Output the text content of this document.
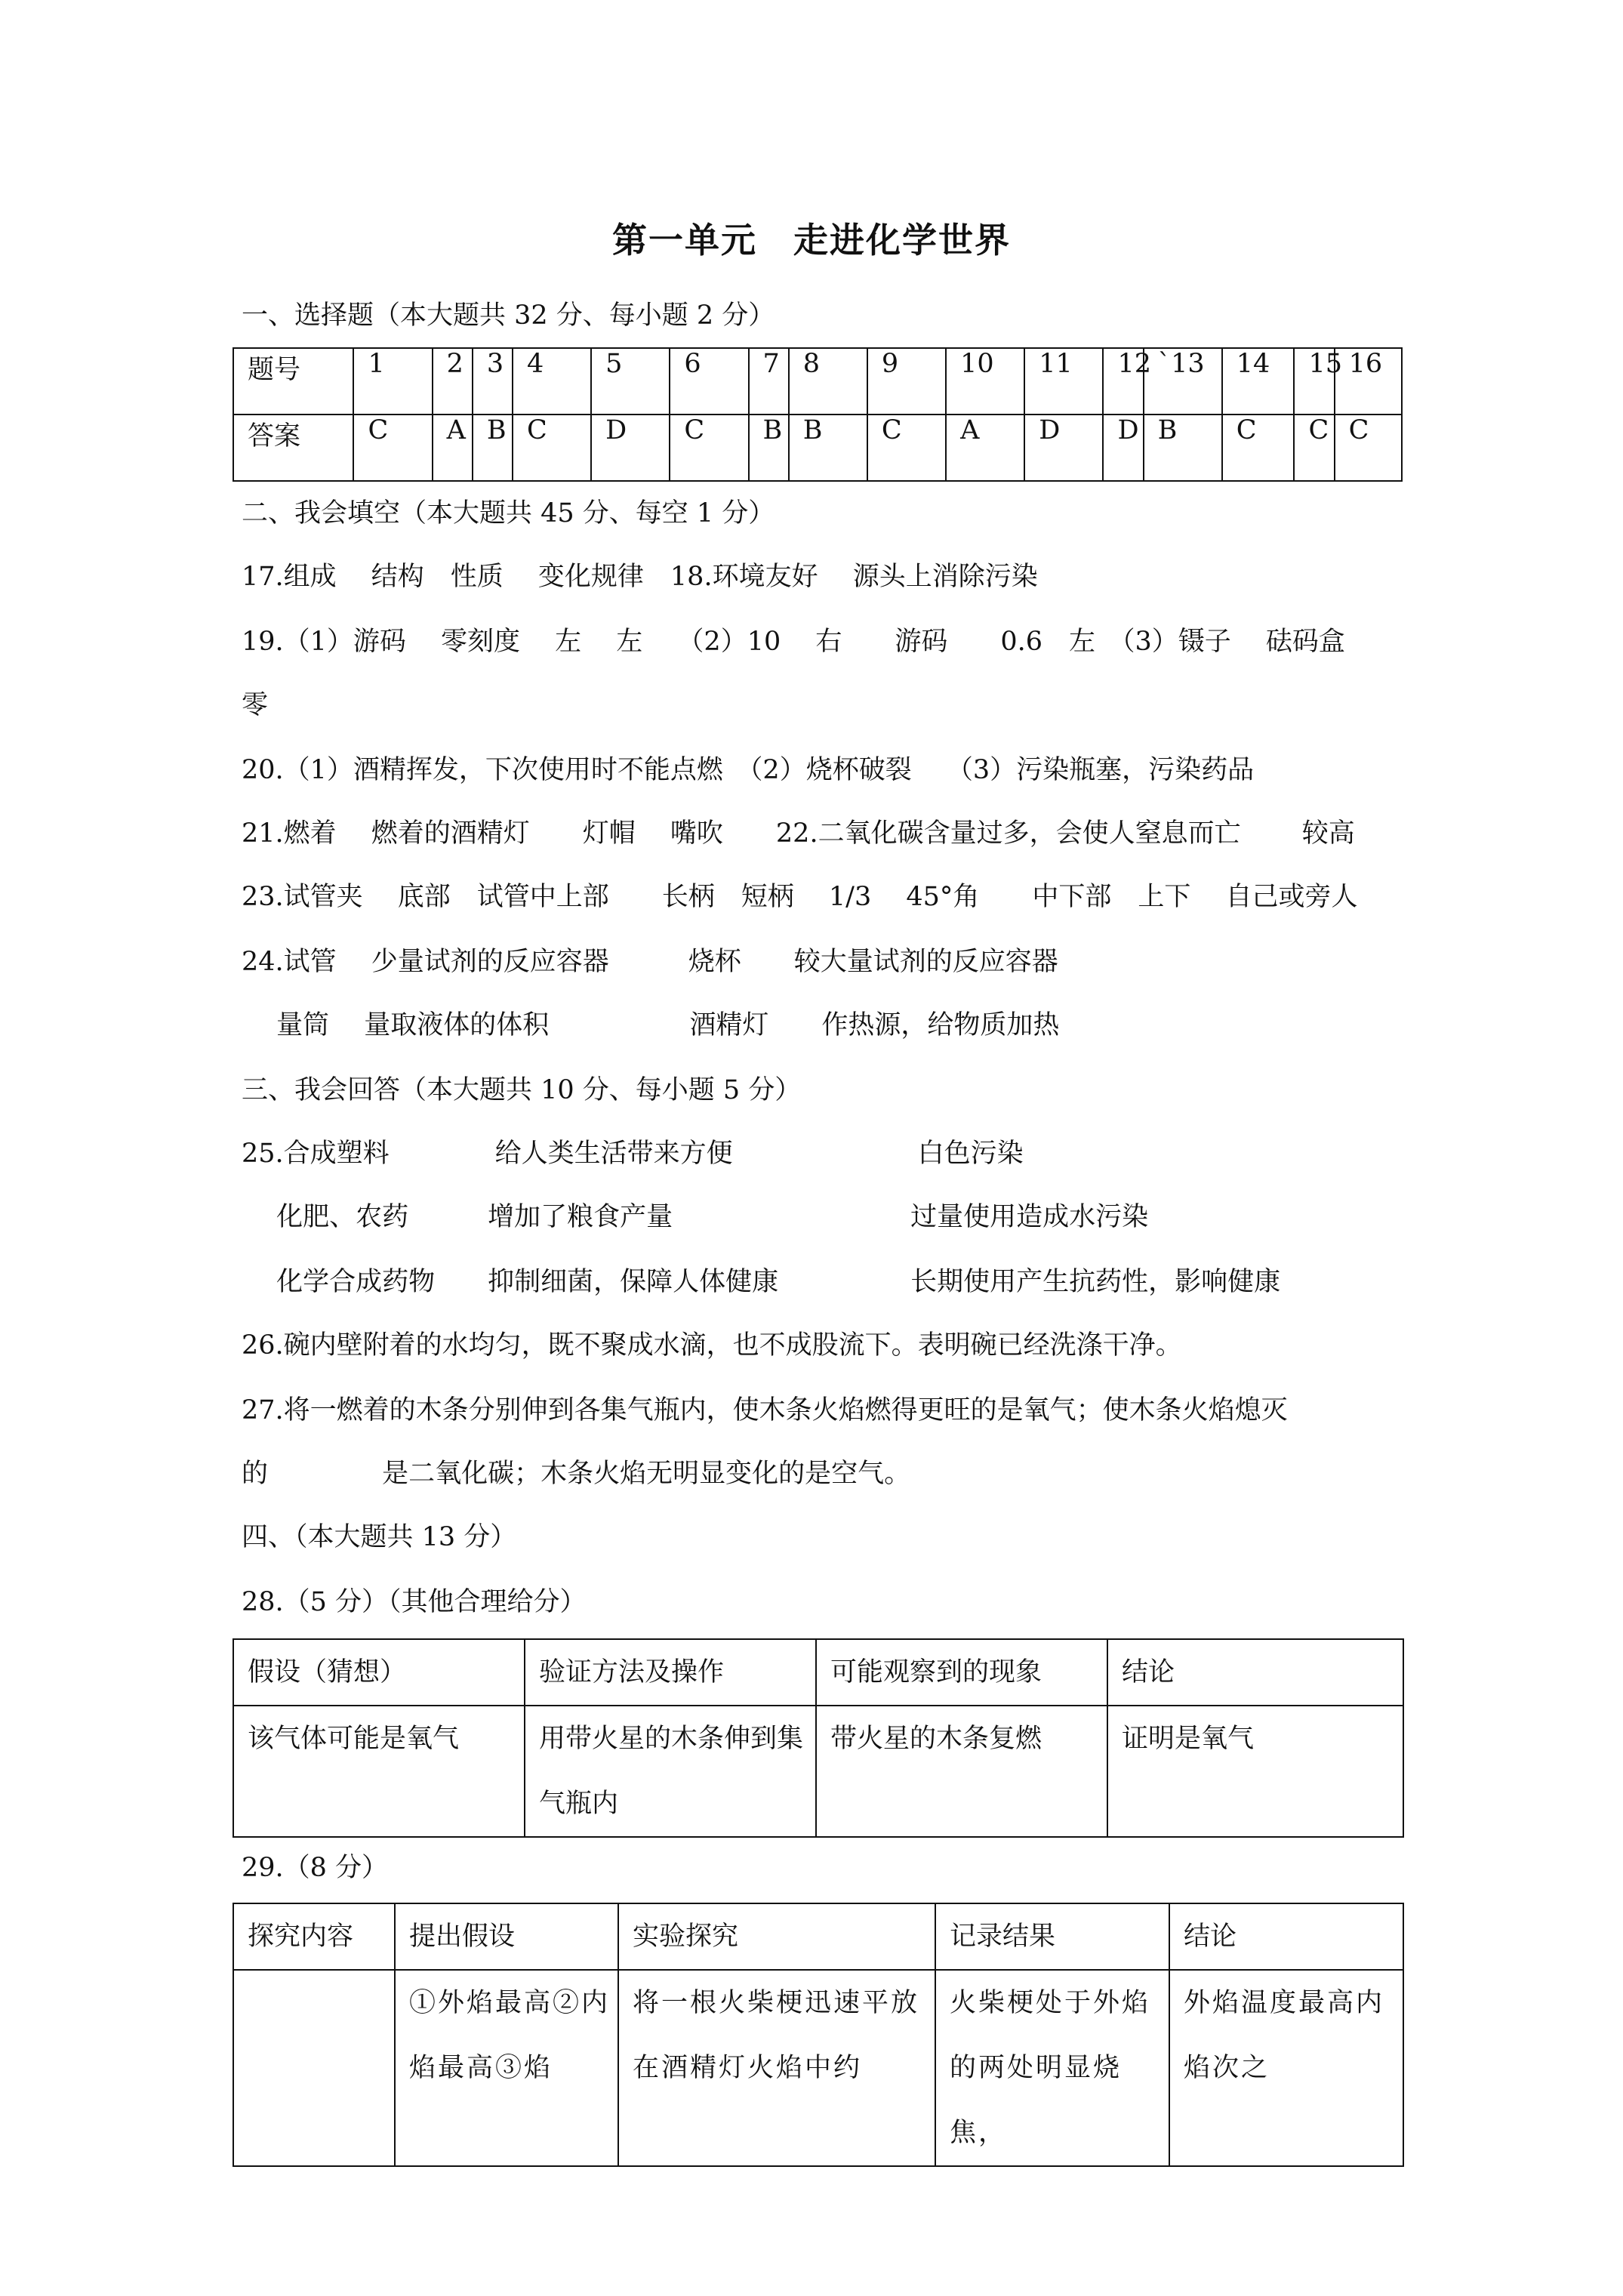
第一单元　走进化学世界
一、选择题（本大题共 32 分、每小题 2 分）
题号	1	2	3	4	5	6	7	8	9	10	11	12	`13	14	15	16
答案	C	A	B	C	D	C	B	B	C	A	D	D	B	C	C	C
二、我会填空（本大题共 45 分、每空 1 分）
17.组成　 结构　性质　 变化规律　18.环境友好　 源头上消除污染
19.（1）游码　 零刻度　 左　 左　 （2）10　 右　　游码　　0.6　左　（3）镊子　 砝码盒
零
20.（1）酒精挥发，下次使用时不能点燃　（2）烧杯破裂　 （3）污染瓶塞，污染药品
21.燃着　 燃着的酒精灯　　灯帽　 嘴吹　　22.二氧化碳含量过多，会使人窒息而亡　　 较高
23.试管夹　 底部　试管中上部　　长柄　短柄　 1/3　 45°角　　中下部　上下　 自己或旁人
24.试管　 少量试剂的反应容器　　　烧杯　　较大量试剂的反应容器
　 量筒　 量取液体的体积　　　　　 酒精灯　　作热源，给物质加热
三、我会回答（本大题共 10 分、每小题 5 分）
25.合成塑料　　　　给人类生活带来方便　　　　　　　白色污染
　 化肥、农药　　　增加了粮食产量　　　　　　　　　过量使用造成水污染
　 化学合成药物　　抑制细菌，保障人体健康　　　　　长期使用产生抗药性，影响健康
26.碗内壁附着的水均匀，既不聚成水滴，也不成股流下。表明碗已经洗涤干净。
27.将一燃着的木条分别伸到各集气瓶内，使木条火焰燃得更旺的是氧气；使木条火焰熄灭
的　　　　 是二氧化碳；木条火焰无明显变化的是空气。
四、（本大题共 13 分）
28.（5 分）（其他合理给分）
假设（猜想）	验证方法及操作	可能观察到的现象	结论
该气体可能是氧气	用带火星的木条伸到集气瓶内	带火星的木条复燃	证明是氧气
29.（8 分）
探究内容	提出假设	实验探究	记录结果	结论
	①外焰最高②内焰最高③焰	将一根火柴梗迅速平放在酒精灯火焰中约	火柴梗处于外焰的两处明显烧焦，	外焰温度最高内焰次之
